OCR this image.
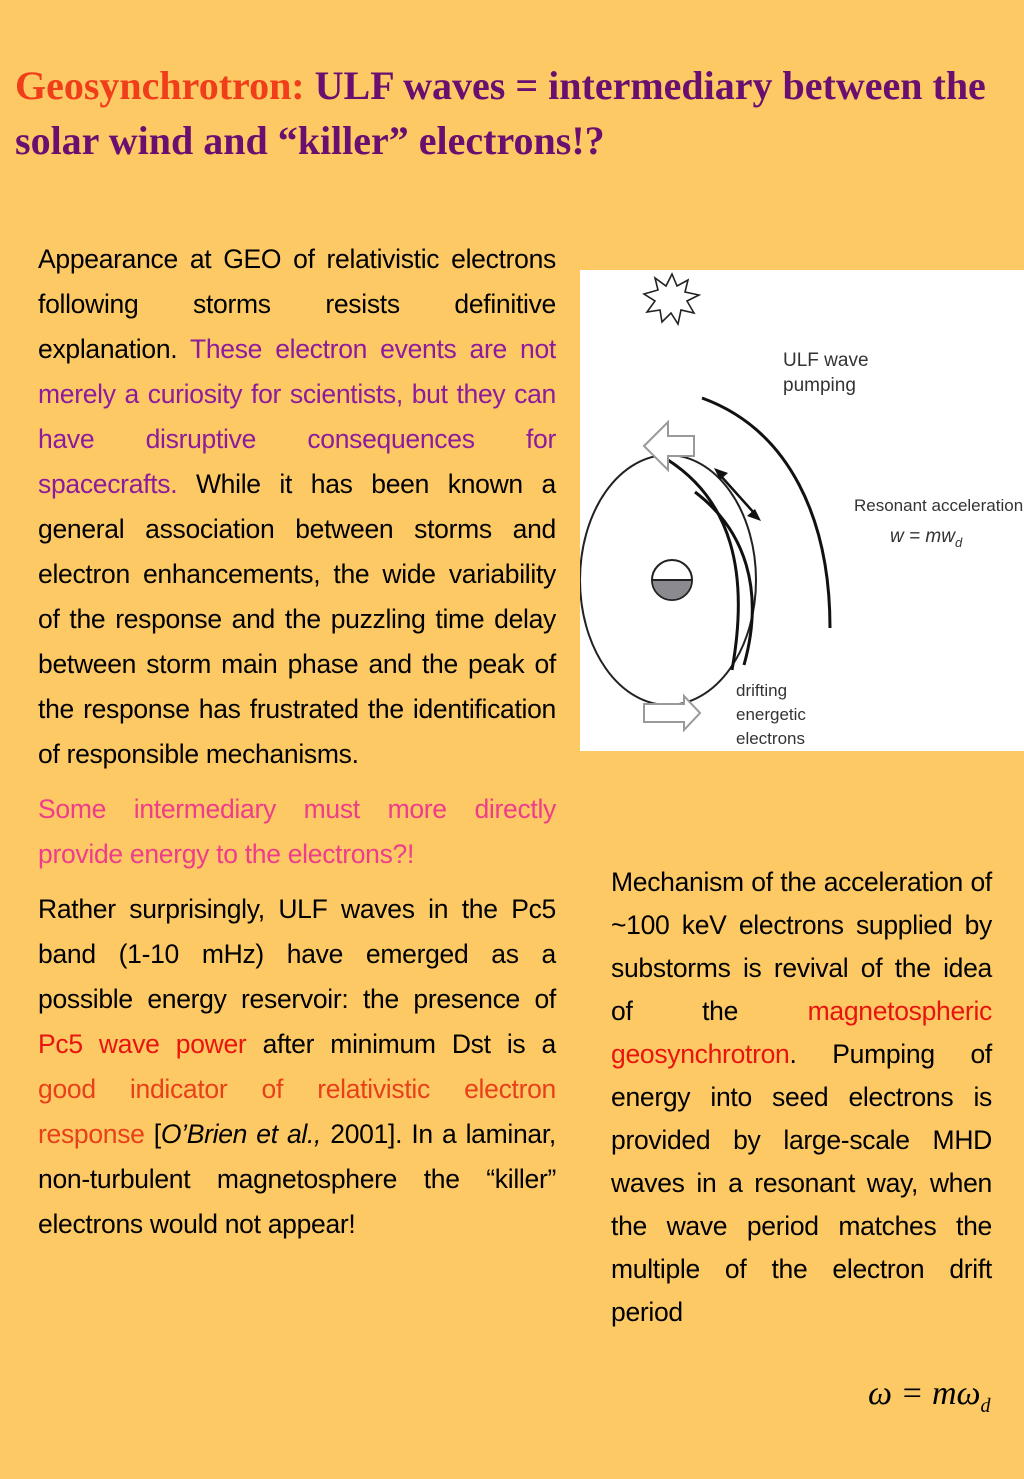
Geosynchrotron: ULF waves = intermediary between the solar wind and “killer” electrons!?

Appearance at GEO of relativistic electrons following storms resists definitive explanation. These electron events are not merely a curiosity for scientists, but they can have disruptive consequences for spacecrafts. While it has been known a general association between storms and electron enhancements, the wide variability of the response and the puzzling time delay between storm main phase and the peak of the response has frustrated the identification of responsible mechanisms.

Some intermediary must more directly provide energy to the electrons?!

Rather surprisingly, ULF waves in the Pc5 band (1-10 mHz) have emerged as a possible energy reservoir: the presence of Pc5 wave power after minimum Dst is a good indicator of relativistic electron response [O’Brien et al., 2001]. In a laminar, non-turbulent magnetosphere the “killer” electrons would not appear!

ULF wave
pumping
Resonant acceleration
$w = mw_d$
drifting
energetic
electrons

Mechanism of the acceleration of ~100 keV electrons supplied by substorms is revival of the idea of the magnetospheric geosynchrotron. Pumping of energy into seed electrons is provided by large-scale MHD waves in a resonant way, when the wave period matches the multiple of the electron drift period

$\omega = m\omega_d$
